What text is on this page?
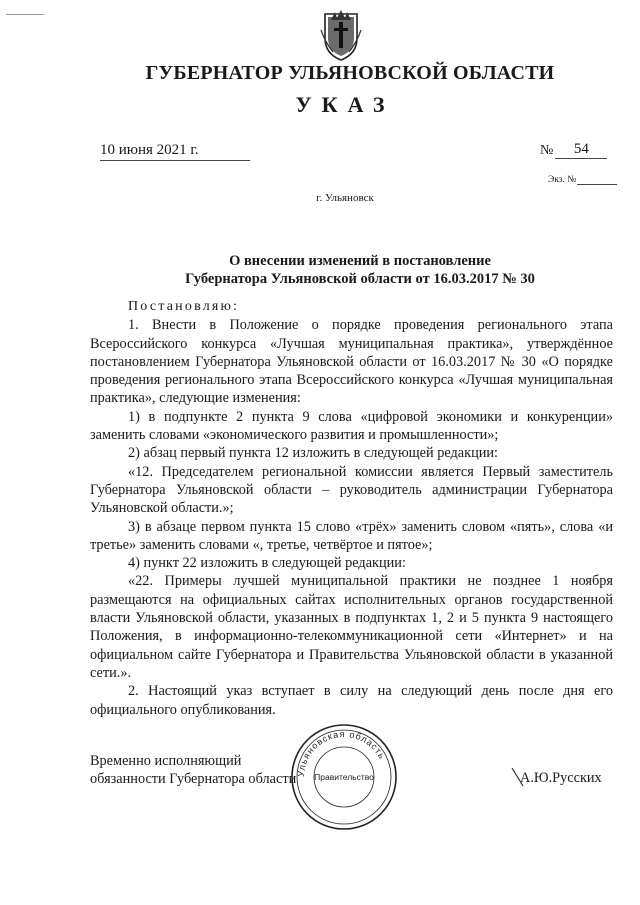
ГУБЕРНАТОР УЛЬЯНОВСКОЙ ОБЛАСТИ
УКАЗ
10 июня 2021 г.	№	54
Экз. №
г. Ульяновск
О внесении изменений в постановление
Губернатора Ульяновской области от 16.03.2017 № 30

Постановляю:

1. Внести в Положение о порядке проведения регионального этапа Всероссийского конкурса «Лучшая муниципальная практика», утверждённое постановлением Губернатора Ульяновской области от 16.03.2017 № 30 «О порядке проведения регионального этапа Всероссийского конкурса «Лучшая муниципальная практика», следующие изменения:

1) в подпункте 2 пункта 9 слова «цифровой экономики и конкуренции» заменить словами «экономического развития и промышленности»;

2) абзац первый пункта 12 изложить в следующей редакции:

«12. Председателем региональной комиссии является Первый заместитель Губернатора Ульяновской области – руководитель администрации Губернатора Ульяновской области.»;

3) в абзаце первом пункта 15 слово «трёх» заменить словом «пять», слова «и третье» заменить словами «, третье, четвёртое и пятое»;

4) пункт 22 изложить в следующей редакции:

«22. Примеры лучшей муниципальной практики не позднее 1 ноября размещаются на официальных сайтах исполнительных органов государственной власти Ульяновской области, указанных в подпунктах 1, 2 и 5 пункта 9 настоящего Положения, в информационно-телекоммуникационной сети «Интернет» и на официальном сайте Губернатора и Правительства Ульяновской области в указанной сети.».

2. Настоящий указ вступает в силу на следующий день после дня его официального опубликования.

Временно исполняющий
обязанности Губернатора области Ульяновская область
Правительство	А.Ю.Русских
